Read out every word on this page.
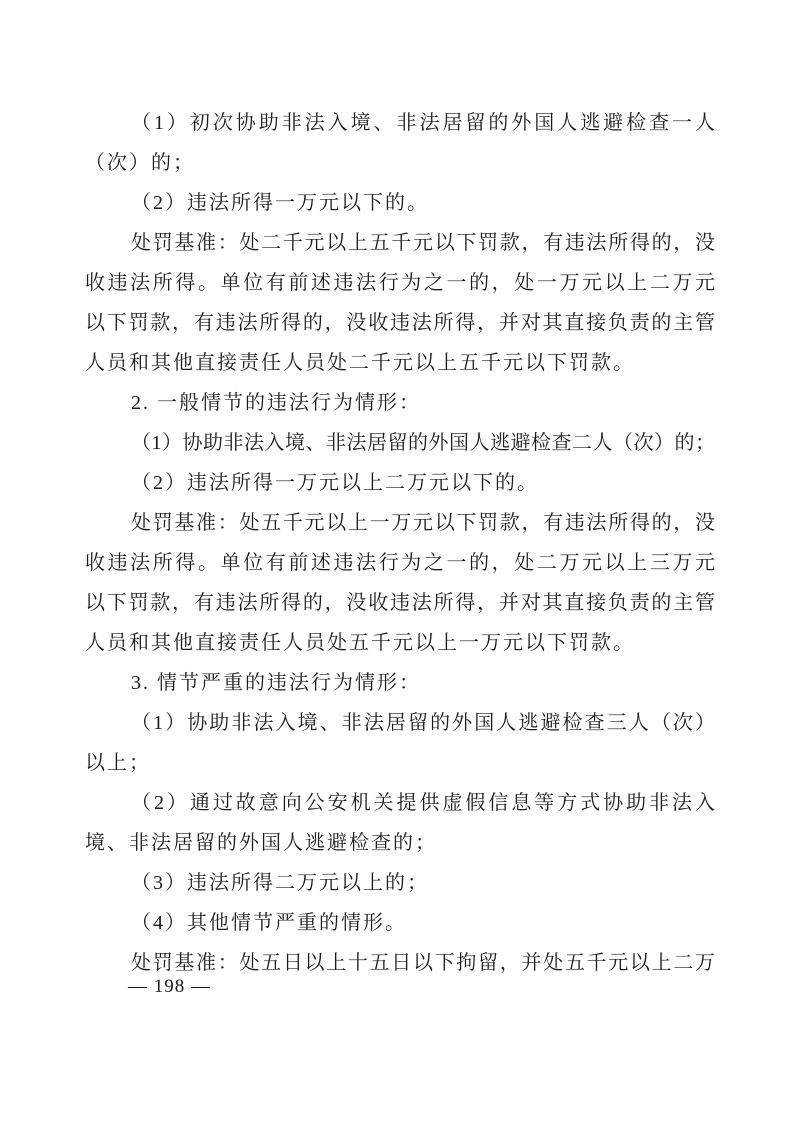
（1）初次协助非法入境、非法居留的外国人逃避检查一人
（次）的；
（2）违法所得一万元以下的。
处罚基准：处二千元以上五千元以下罚款，有违法所得的，没
收违法所得。单位有前述违法行为之一的，处一万元以上二万元
以下罚款，有违法所得的，没收违法所得，并对其直接负责的主管
人员和其他直接责任人员处二千元以上五千元以下罚款。
2. 一般情节的违法行为情形：
（1）协助非法入境、非法居留的外国人逃避检查二人（次）的；
（2）违法所得一万元以上二万元以下的。
处罚基准：处五千元以上一万元以下罚款，有违法所得的，没
收违法所得。单位有前述违法行为之一的，处二万元以上三万元
以下罚款，有违法所得的，没收违法所得，并对其直接负责的主管
人员和其他直接责任人员处五千元以上一万元以下罚款。
3. 情节严重的违法行为情形：
（1）协助非法入境、非法居留的外国人逃避检查三人（次）
以上；
（2）通过故意向公安机关提供虚假信息等方式协助非法入
境、非法居留的外国人逃避检查的；
（3）违法所得二万元以上的；
（4）其他情节严重的情形。
处罚基准：处五日以上十五日以下拘留，并处五千元以上二万
— 198 —
